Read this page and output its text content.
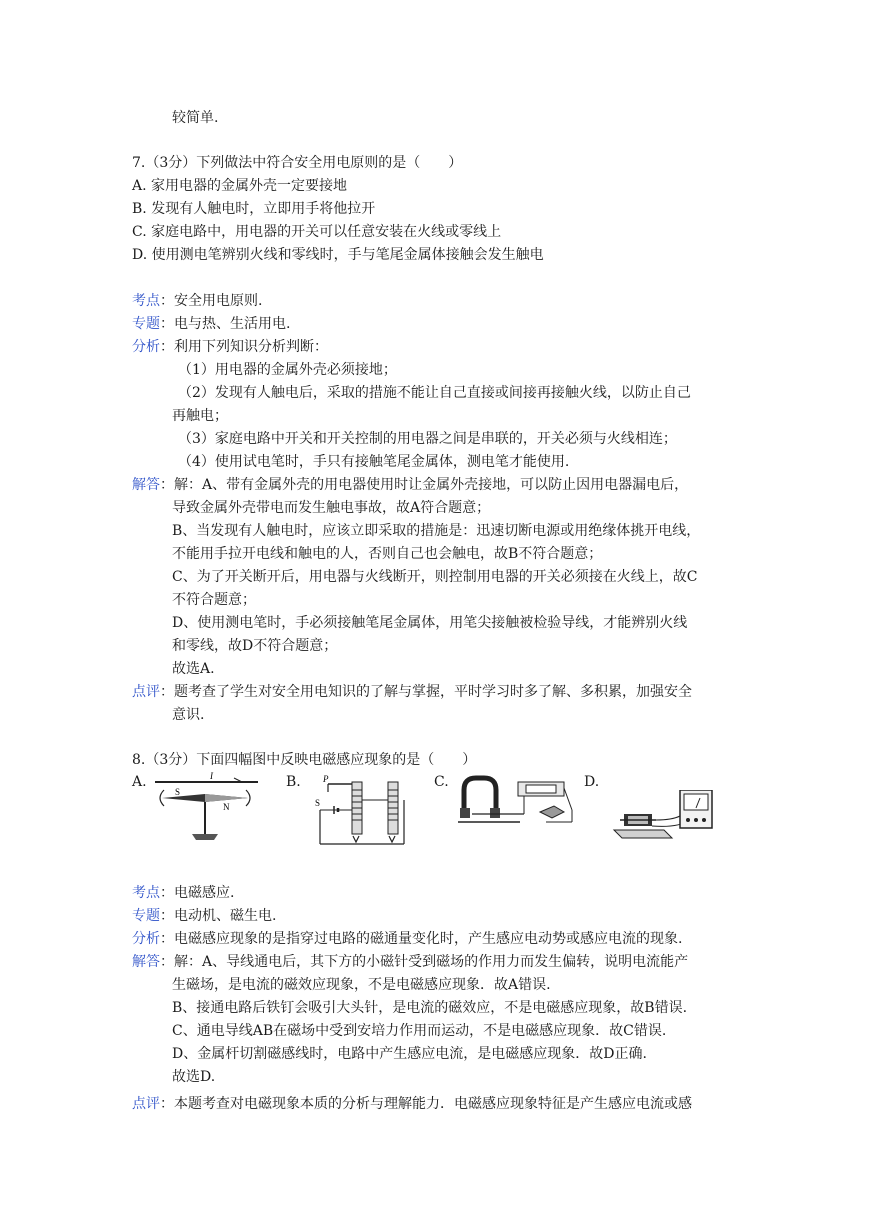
较简单.
7.（3分）下列做法中符合安全用电原则的是（　　）
A. 家用电器的金属外壳一定要接地
B. 发现有人触电时，立即用手将他拉开
C. 家庭电路中，用电器的开关可以任意安装在火线或零线上
D. 使用测电笔辨别火线和零线时，手与笔尾金属体接触会发生触电
考点：安全用电原则.
专题：电与热、生活用电.
分析：利用下列知识分析判断：
（1）用电器的金属外壳必须接地；
（2）发现有人触电后，采取的措施不能让自己直接或间接再接触火线，以防止自己
再触电；
（3）家庭电路中开关和开关控制的用电器之间是串联的，开关必须与火线相连；
（4）使用试电笔时，手只有接触笔尾金属体，测电笔才能使用.
解答：解：A、带有金属外壳的用电器使用时让金属外壳接地，可以防止因用电器漏电后，
导致金属外壳带电而发生触电事故，故A符合题意；
B、当发现有人触电时，应该立即采取的措施是：迅速切断电源或用绝缘体挑开电线，
不能用手拉开电线和触电的人，否则自己也会触电，故B不符合题意；
C、为了开关断开后，用电器与火线断开，则控制用电器的开关必须接在火线上，故C
不符合题意；
D、使用测电笔时，手必须接触笔尾金属体，用笔尖接触被检验导线，才能辨别火线
和零线，故D不符合题意；
故选A.
点评：题考查了学生对安全用电知识的了解与掌握，平时学习时多了解、多积累，加强安全
意识.
8.（3分）下面四幅图中反映电磁感应现象的是（　　）
A.	I
S
N
B. P
S
C.	D.
考点：电磁感应.
专题：电动机、磁生电.
分析：电磁感应现象的是指穿过电路的磁通量变化时，产生感应电动势或感应电流的现象.
解答：解：A、导线通电后，其下方的小磁针受到磁场的作用力而发生偏转，说明电流能产
生磁场，是电流的磁效应现象，不是电磁感应现象．故A错误.
B、接通电路后铁钉会吸引大头针，是电流的磁效应，不是电磁感应现象，故B错误.
C、通电导线AB在磁场中受到安培力作用而运动，不是电磁感应现象．故C错误.
D、金属杆切割磁感线时，电路中产生感应电流，是电磁感应现象．故D正确.
故选D.
点评：本题考查对电磁现象本质的分析与理解能力．电磁感应现象特征是产生感应电流或感
